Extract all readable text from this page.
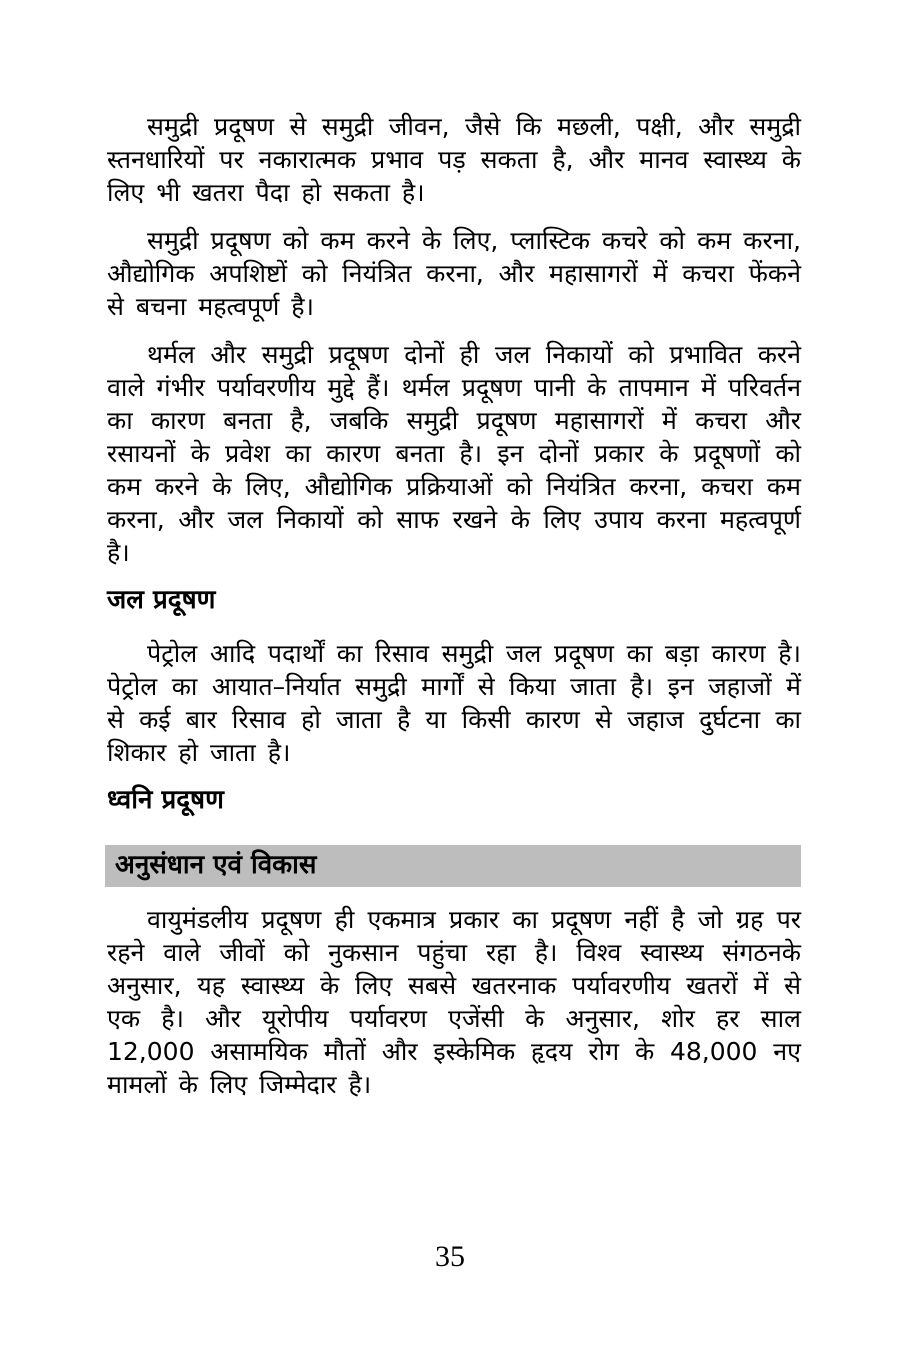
समुद्री प्रदूषण से समुद्री जीवन, जैसे कि मछली, पक्षी, और समुद्री स्तनधारियों पर नकारात्मक प्रभाव पड़ सकता है, और मानव स्वास्थ्य के लिए भी खतरा पैदा हो सकता है।

समुद्री प्रदूषण को कम करने के लिए, प्लास्टिक कचरे को कम करना, औद्योगिक अपशिष्टों को नियंत्रित करना, और महासागरों में कचरा फेंकने से बचना महत्वपूर्ण है।

थर्मल और समुद्री प्रदूषण दोनों ही जल निकायों को प्रभावित करने वाले गंभीर पर्यावरणीय मुद्दे हैं। थर्मल प्रदूषण पानी के तापमान में परिवर्तन का कारण बनता है, जबकि समुद्री प्रदूषण महासागरों में कचरा और रसायनों के प्रवेश का कारण बनता है। इन दोनों प्रकार के प्रदूषणों को कम करने के लिए, औद्योगिक प्रक्रियाओं को नियंत्रित करना, कचरा कम करना, और जल निकायों को साफ रखने के लिए उपाय करना महत्वपूर्ण है।

जल प्रदूषण

पेट्रोल आदि पदार्थों का रिसाव समुद्री जल प्रदूषण का बड़ा कारण है। पेट्रोल का आयात–निर्यात समुद्री मार्गों से किया जाता है। इन जहाजों में से कई बार रिसाव हो जाता है या किसी कारण से जहाज दुर्घटना का शिकार हो जाता है।

ध्वनि प्रदूषण
अनुसंधान एवं विकास

वायुमंडलीय प्रदूषण ही एकमात्र प्रकार का प्रदूषण नहीं है जो ग्रह पर रहने वाले जीवों को नुकसान पहुंचा रहा है। विश्व स्वास्थ्य संगठनके अनुसार, यह स्वास्थ्य के लिए सबसे खतरनाक पर्यावरणीय खतरों में से एक है। और यूरोपीय पर्यावरण एजेंसी के अनुसार, शोर हर साल 12,000 असामयिक मौतों और इस्केमिक हृदय रोग के 48,000 नए मामलों के लिए जिम्मेदार है।

35
